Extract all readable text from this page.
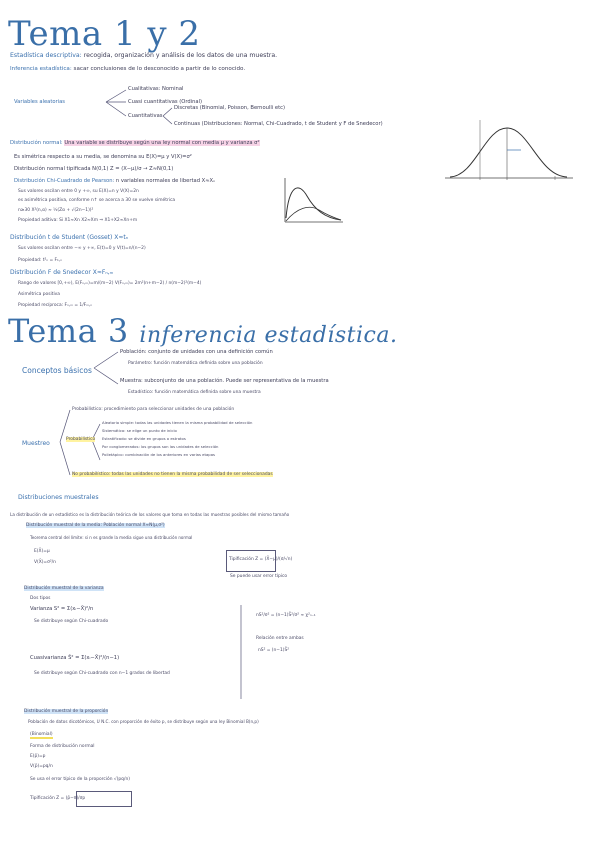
Tema 1 y 2
Estadística descriptiva: recogida, organización y análisis de los datos de una muestra.
Inferencia estadística: sacar conclusiones de lo desconocido a partir de lo conocido.
Variables aleatorias
Cualitativas: Nominal
Cuasi cuantitativas (Ordinal)
Cuantitativas
Discretas (Binomial, Poisson, Bernoulli etc)
Continuas (Distribuciones: Normal, Chi-Cuadrado, t de Student y F de Snedecor)
Distribución normal: Una variable se distribuye según una ley normal con media μ y varianza σ²
Es simétrica respecto a su media, se denomina su E(X)=μ y V(X)=σ²
Distribución normal tipificada N(0,1) Z = (X−μ)/σ → Z≈N(0,1)
Distribución Chi-Cuadrado de Pearson: n variables normales de libertad X≈Xₙ
Sus valores oscilan entre 0 y +∞, su E(X)=n y V(X)=2n
es asimétrica positiva, conforme n↑ se acerca a 30 se vuelve simétrica
n≥30 X²(n,α) ≈ ½(Zα + √(2n−1))²
Propiedad aditiva: Si X1≈Xn X2≈Xm ⇒ X1+X2≈Xn+m
Distribución t de Student (Gosset) X≈tₙ
Sus valores oscilan entre −∞ y +∞, E(t)=0 y V(t)=n/(n−2)
Propiedad: t²ₙ = F₁,ₙ
Distribución F de Snedecor X≈Fₙ,ₘ
Rango de valores [0,+∞), E(Fₙ,ₘ)=m/(m−2) V(Fₙ,ₘ)= 2m²(n+m−2) / n(m−2)²(m−4)
Asimétrica positiva
Propiedad recíproca: Fₙ,ₘ = 1/Fₘ,ₙ
Tema 3 inferencia estadística.
Conceptos básicos
Población: conjunto de unidades con una definición común
Parámetro: función matemática definida sobre una población
Muestra: subconjunto de una población. Puede ser representativa de la muestra
Estadístico: función matemática definida sobre una muestra
Muestreo
Probabilístico: procedimiento para seleccionar unidades de una población
Probabilístico
Aleatorio simple: todas las unidades tienen la misma probabilidad de selección
Sistemático: se elige un punto de inicio
Estratificado: se divide en grupos o estratos
Por conglomerados: los grupos son las unidades de selección
Polietápico: combinación de los anteriores en varias etapas
No probabilístico: todas las unidades no tienen la misma probabilidad de ser seleccionadas
Distribuciones muestrales
La distribución de un estadístico es la distribución teórica de los valores que toma en todas las muestras posibles del mismo tamaño
Distribución muestral de la media: Población normal X≈N(μ,σ²)
Teorema central del límite: si n es grande la media sigue una distribución normal
E(X̄)=μ
V(X̄)=σ²/n
Tipificación Z = (X̄−μ)/(σ/√n)
Se puede usar error típico
Distribución muestral de la varianza
Dos tipos
Varianza S² = Σ(xᵢ−X̄)²/n
Se distribuye según Chi-cuadrado
Cuasivarianza S̃² = Σ(xᵢ−X̄)²/(n−1)
Se distribuye según Chi-cuadrado con n−1 grados de libertad
nS²/σ² = (n−1)S̃²/σ² ≈ χ²ₙ₋₁
Relación entre ambas
nS² = (n−1)S̃²
Distribución muestral de la proporción
Población de datos dicotómicos, U N.C. con proporción de éxito p, se distribuye según una ley Binomial B(n,p)
(Binomial)
Forma de distribución normal
E(p̂)=p
V(p̂)=pq/n
Se usa el error típico de la proporción √(pq/n)
Tipificación Z = (p̂−π)/σp
